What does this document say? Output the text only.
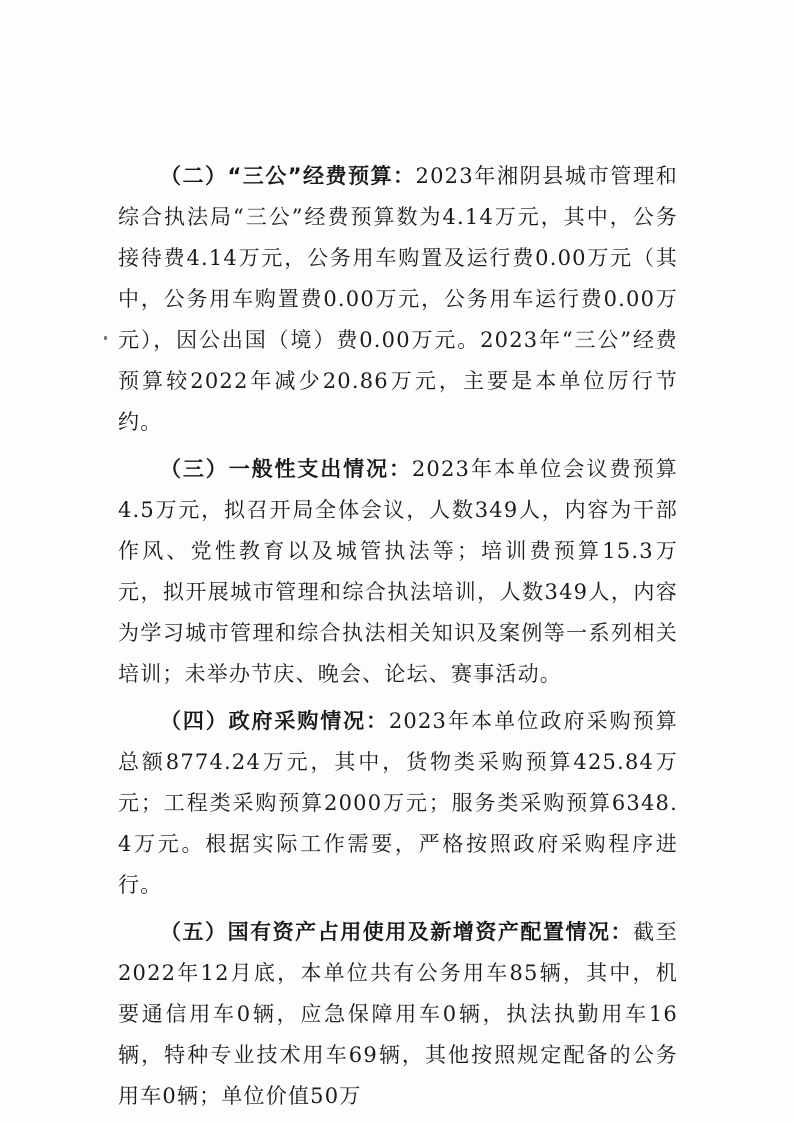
（二）“三公”经费预算：2023年湘阴县城市管理和综合执法局“三公”经费预算数为4.14万元，其中，公务接待费4.14万元，公务用车购置及运行费0.00万元（其中，公务用车购置费0.00万元，公务用车运行费0.00万元），因公出国（境）费0.00万元。2023年“三公”经费预算较2022年减少20.86万元，主要是本单位厉行节约。

（三）一般性支出情况：2023年本单位会议费预算4.5万元，拟召开局全体会议，人数349人，内容为干部作风、党性教育以及城管执法等；培训费预算15.3万元，拟开展城市管理和综合执法培训，人数349人，内容为学习城市管理和综合执法相关知识及案例等一系列相关培训；未举办节庆、晚会、论坛、赛事活动。

（四）政府采购情况：2023年本单位政府采购预算总额8774.24万元，其中，货物类采购预算425.84万元；工程类采购预算2000万元；服务类采购预算6348.4万元。根据实际工作需要，严格按照政府采购程序进行。

（五）国有资产占用使用及新增资产配置情况：截至2022年12月底，本单位共有公务用车85辆，其中，机要通信用车0辆，应急保障用车0辆，执法执勤用车16辆，特种专业技术用车69辆，其他按照规定配备的公务用车0辆；单位价值50万
